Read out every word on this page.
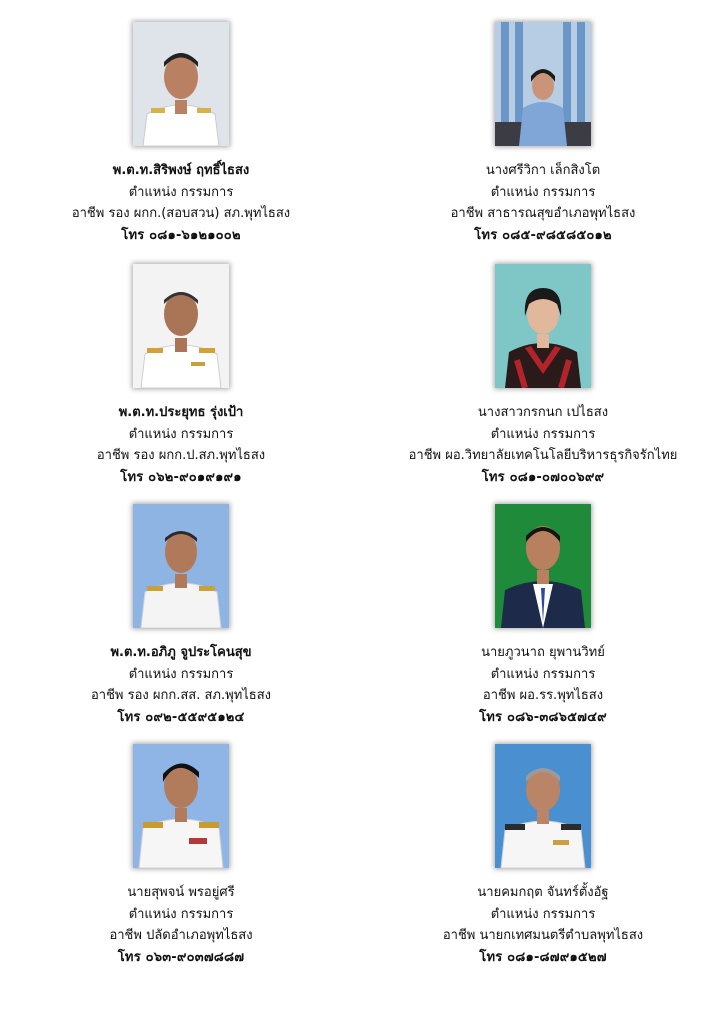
พ.ต.ท.สิริพงษ์ ฤทธิ์ไธสง
ตำแหน่ง กรรมการ
อาชีพ รอง ผกก.(สอบสวน) สภ.พุทไธสง
โทร ๐๘๑-๖๑๒๑๐๐๒
นางศรีวิกา เล็กสิงโต
ตำแหน่ง กรรมการ
อาชีพ สาธารณสุขอำเภอพุทไธสง
โทร ๐๘๕-๙๘๕๘๕๐๑๒
พ.ต.ท.ประยุทธ รุ่งเป้า
ตำแหน่ง กรรมการ
อาชีพ รอง ผกก.ป.สภ.พุทไธสง
โทร ๐๖๒-๙๐๑๙๑๙๑
นางสาวกรกนก เปไธสง
ตำแหน่ง กรรมการ
อาชีพ ผอ.วิทยาลัยเทคโนโลยีบริหารธุรกิจรักไทย
โทร ๐๘๑-๐๗๐๐๖๙๙
พ.ต.ท.อภิภู จูประโคนสุข
ตำแหน่ง กรรมการ
อาชีพ รอง ผกก.สส. สภ.พุทไธสง
โทร ๐๙๒-๕๕๙๕๑๒๔
นายภูวนาถ ยุพานวิทย์
ตำแหน่ง กรรมการ
อาชีพ ผอ.รร.พุทไธสง
โทร ๐๘๖-๓๘๖๕๗๔๙
นายสุพจน์ พรอยู่ศรี
ตำแหน่ง กรรมการ
อาชีพ ปลัดอำเภอพุทไธสง
โทร ๐๖๓-๙๐๓๗๘๘๗
นายคมกฤต จันทร์ตั้งอัฐ
ตำแหน่ง กรรมการ
อาชีพ นายกเทศมนตรีตำบลพุทไธสง
โทร ๐๘๑-๘๗๙๑๕๒๗
